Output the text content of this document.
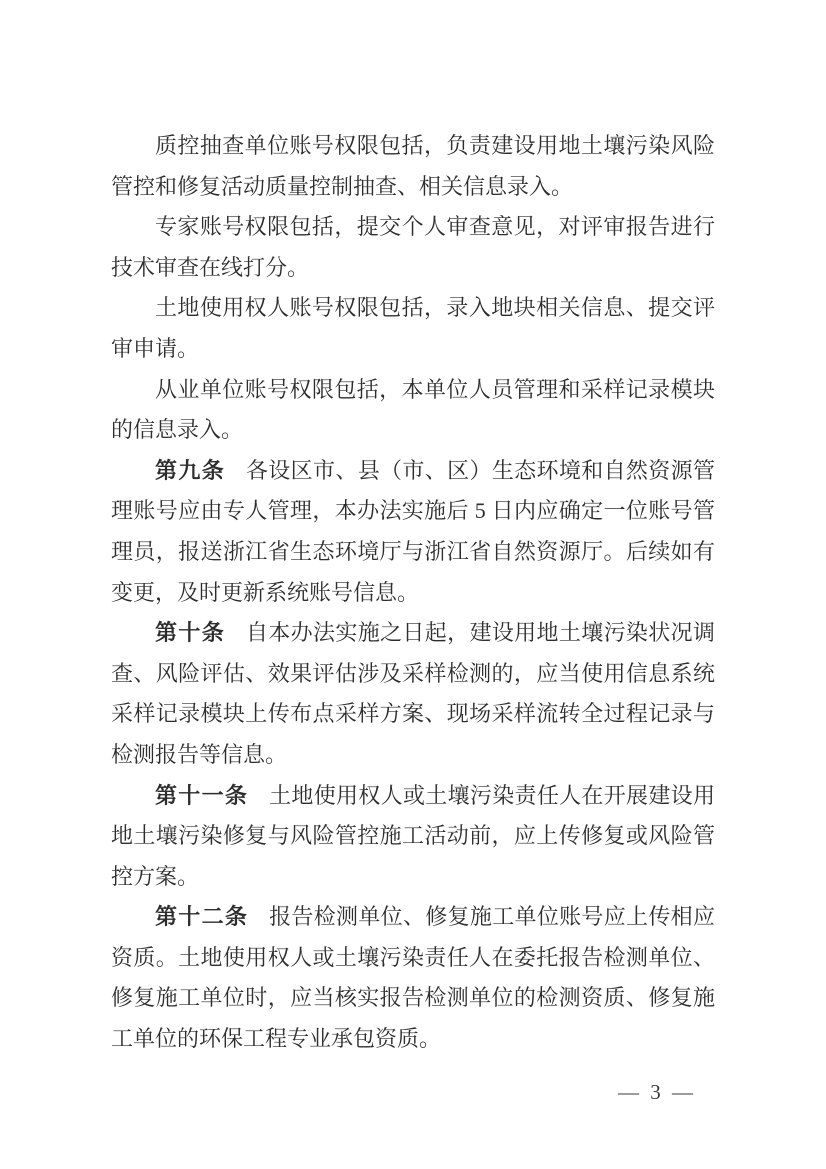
质控抽查单位账号权限包括，负责建设用地土壤污染风险管控和修复活动质量控制抽查、相关信息录入。

专家账号权限包括，提交个人审查意见，对评审报告进行技术审查在线打分。

土地使用权人账号权限包括，录入地块相关信息、提交评审申请。

从业单位账号权限包括，本单位人员管理和采样记录模块的信息录入。

第九条 各设区市、县（市、区）生态环境和自然资源管理账号应由专人管理，本办法实施后 5 日内应确定一位账号管理员，报送浙江省生态环境厅与浙江省自然资源厅。后续如有变更，及时更新系统账号信息。

第十条 自本办法实施之日起，建设用地土壤污染状况调查、风险评估、效果评估涉及采样检测的，应当使用信息系统采样记录模块上传布点采样方案、现场采样流转全过程记录与检测报告等信息。

第十一条 土地使用权人或土壤污染责任人在开展建设用地土壤污染修复与风险管控施工活动前，应上传修复或风险管控方案。

第十二条 报告检测单位、修复施工单位账号应上传相应资质。土地使用权人或土壤污染责任人在委托报告检测单位、修复施工单位时，应当核实报告检测单位的检测资质、修复施工单位的环保工程专业承包资质。

— 3 —
